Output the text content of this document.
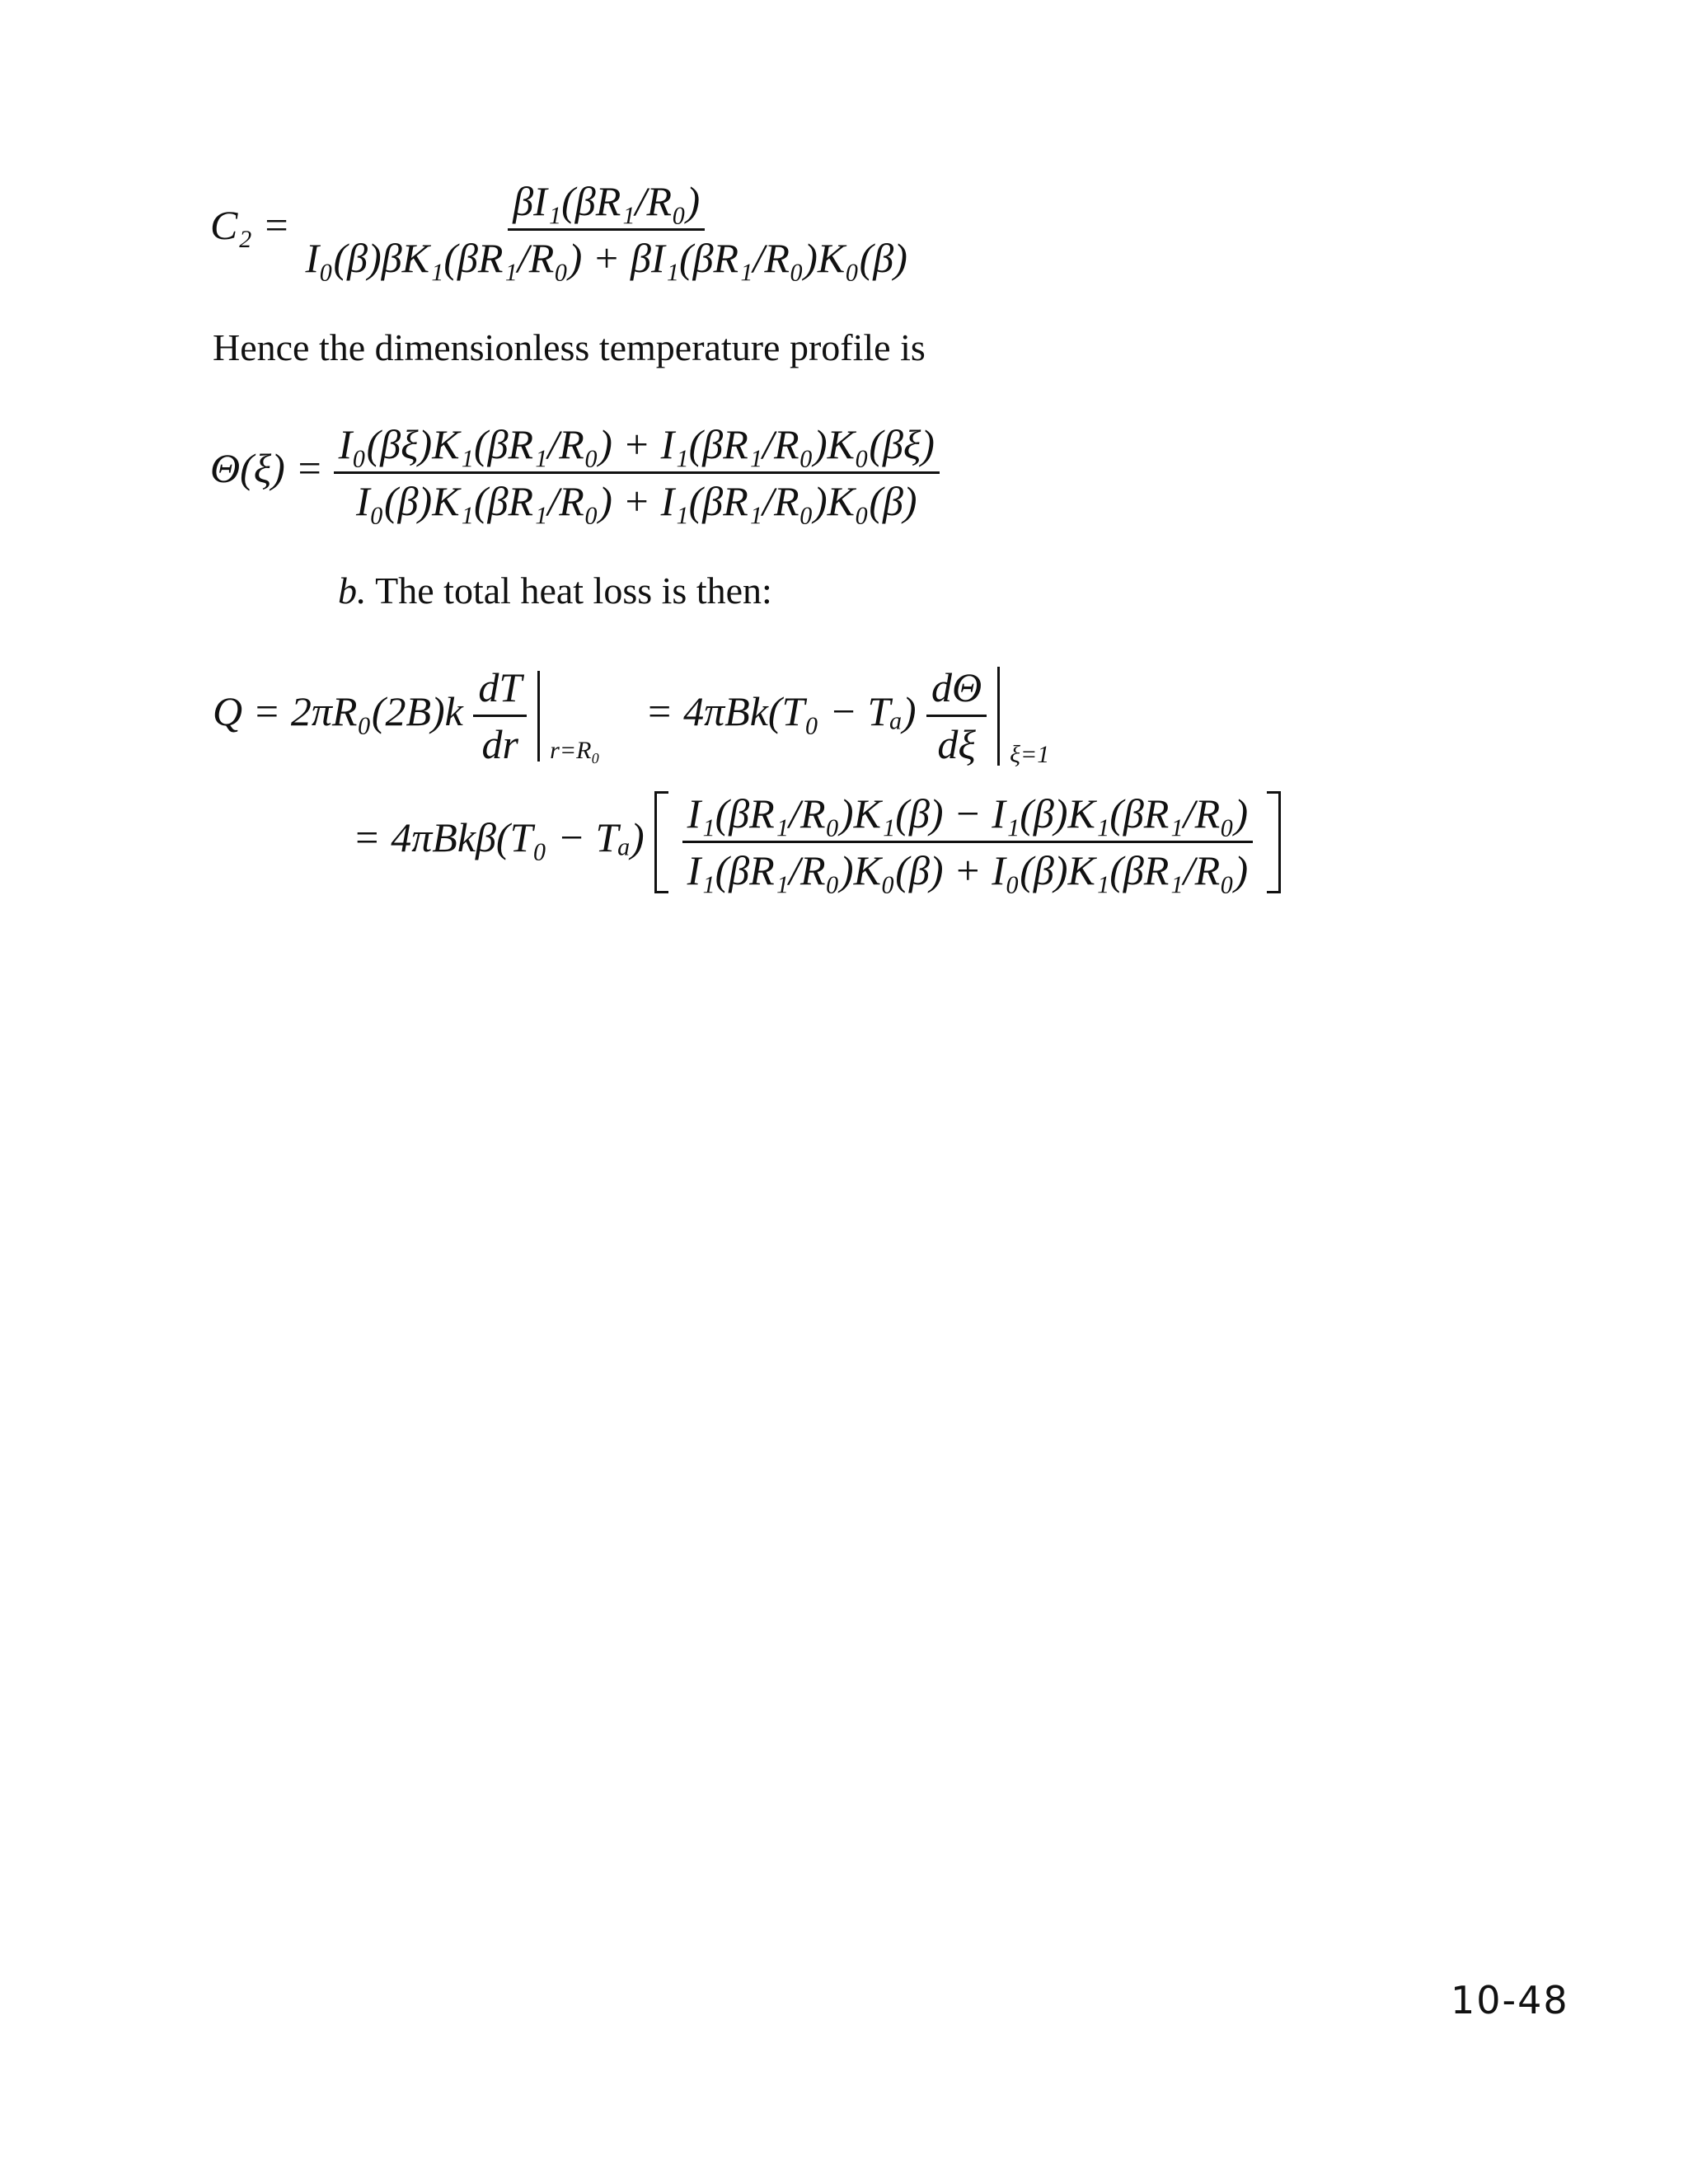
$C_2 = \frac{\text{βI₁(βR₁/R₀)}}{\text{I₀(β)βK₁(βR₁/R₀) + βI₁(βR₁/R₀)K₀(β)}}$
Hence the dimensionless temperature profile is
$\Theta(\xi) = \frac{\text{I₀(βξ)K₁(βR₁/R₀) + I₁(βR₁/R₀)K₀(βξ)}}{\text{I₀(β)K₁(βR₁/R₀) + I₁(βR₁/R₀)K₀(β)}}$
b. The total heat loss is then:
$Q = 2\pi R_0(2B)k \frac{dT}{dr} _{r=R_0} = 4\pi Bk(T_0 - T_a) \frac{d\Theta}{d\xi} _{\xi=1}$
= $4\pi Bk\beta(T_0 - T_a) \frac{\text{I₁(βR₁/R₀)K₁(β) − I₁(β)K₁(βR₁/R₀)}}{\text{I₁(βR₁/R₀)K₀(β) + I₀(β)K₁(βR₁/R₀)}}$

10-48
